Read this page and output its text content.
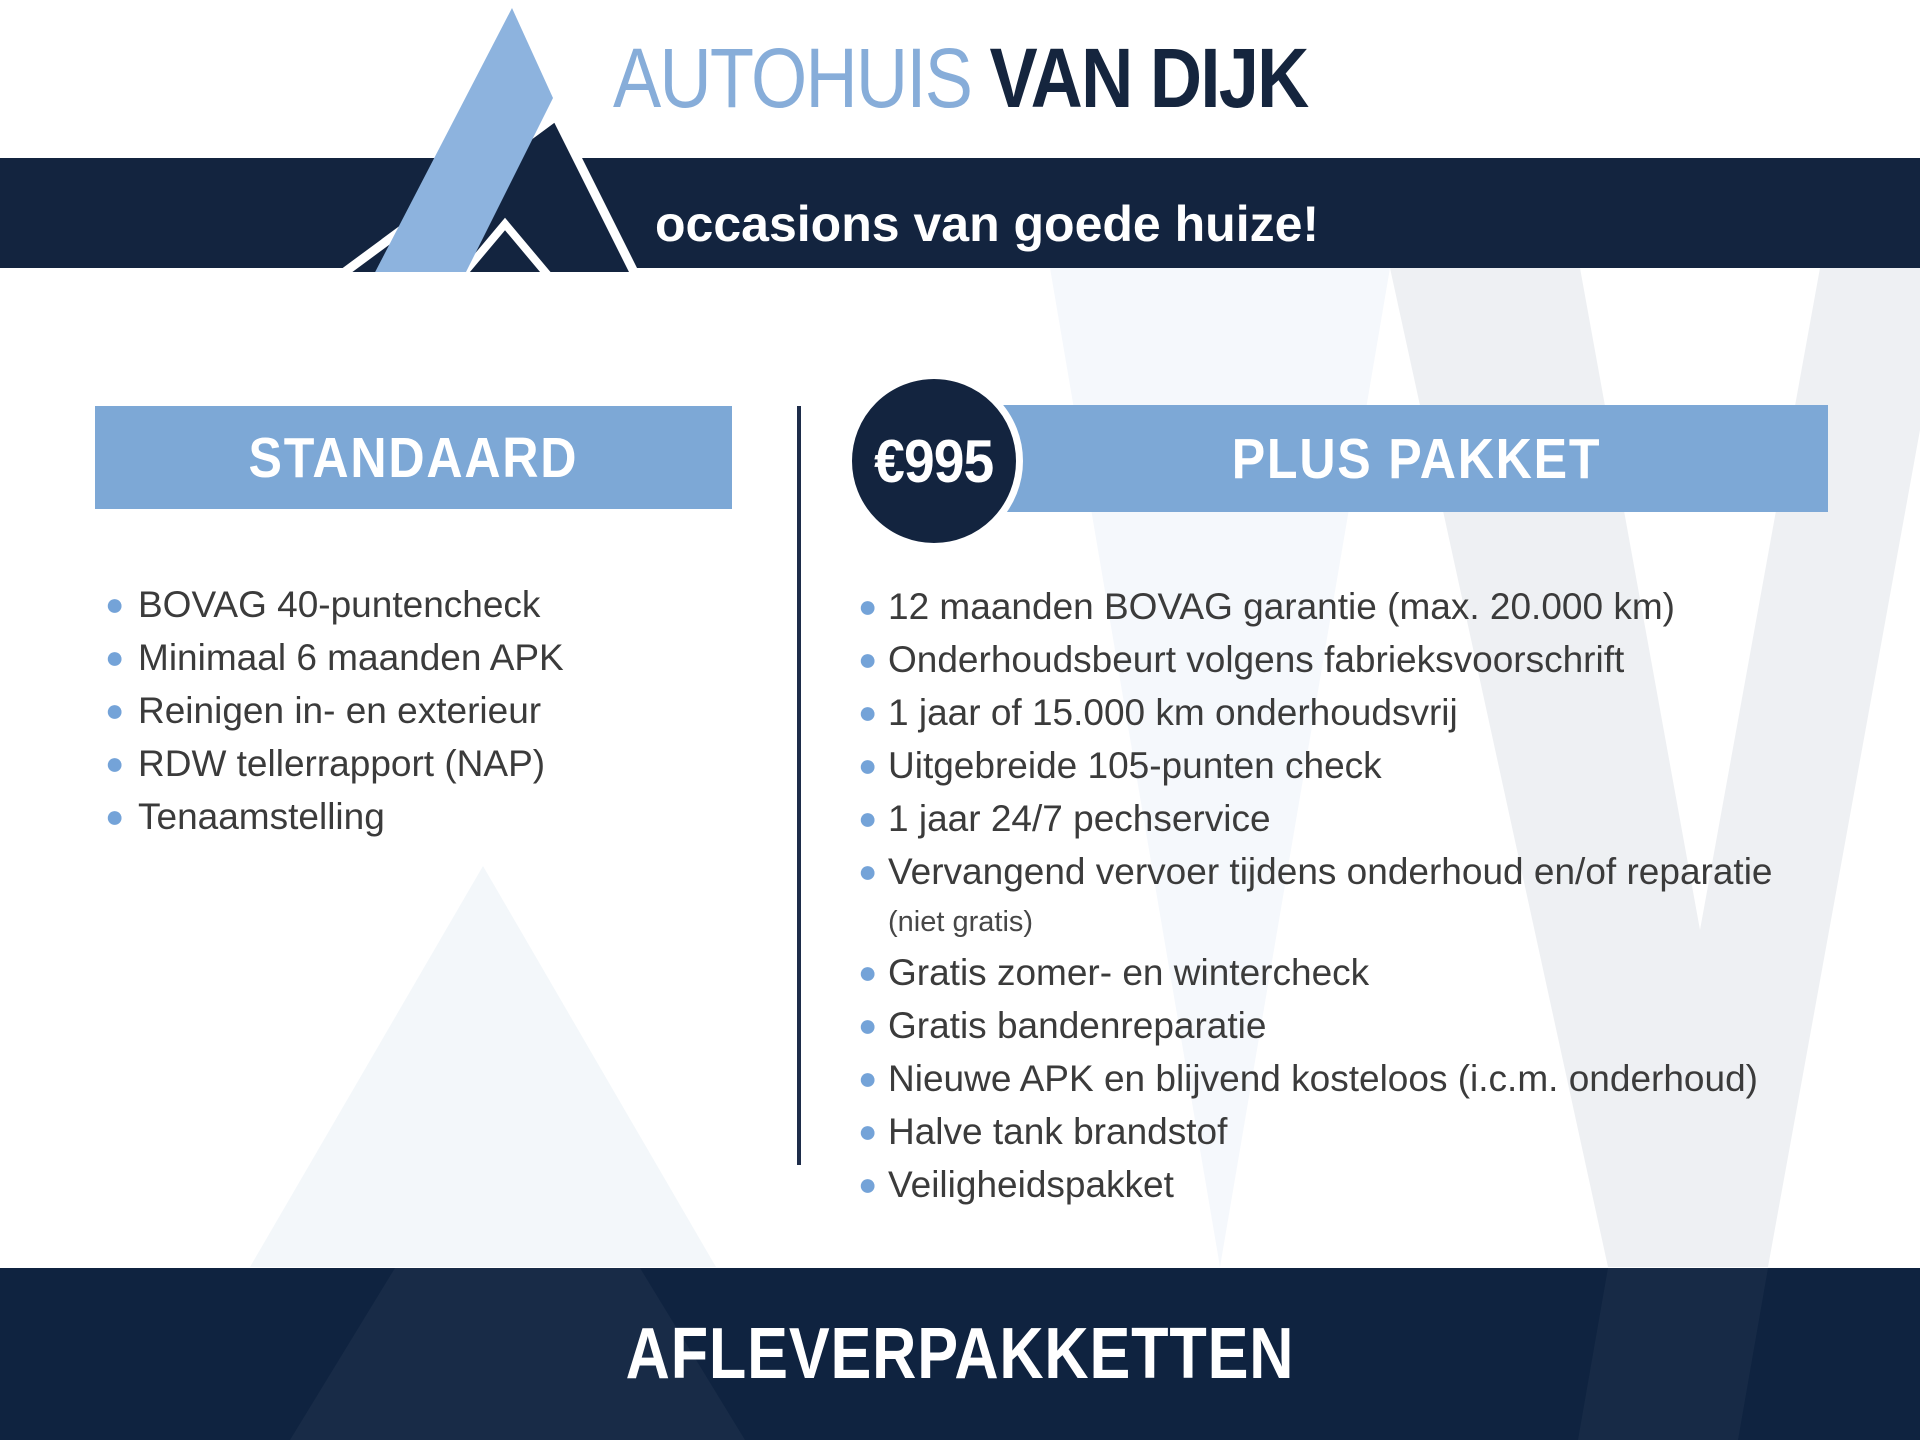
AUTOHUIS VAN DIJK
occasions van goede huize!
STANDAARD	PLUS PAKKET
€995
● BOVAG 40-puntencheck
● Minimaal 6 maanden APK
● Reinigen in- en exterieur
● RDW tellerrapport (NAP)
● Tenaamstelling
● 12 maanden BOVAG garantie (max. 20.000 km)
● Onderhoudsbeurt volgens fabrieksvoorschrift
● 1 jaar of 15.000 km onderhoudsvrij
● Uitgebreide 105-punten check
● 1 jaar 24/7 pechservice
● Vervangend vervoer tijdens onderhoud en/of reparatie
(niet gratis)
● Gratis zomer- en wintercheck
● Gratis bandenreparatie
● Nieuwe APK en blijvend kosteloos (i.c.m. onderhoud)
● Halve tank brandstof
● Veiligheidspakket
AFLEVERPAKKETTEN
